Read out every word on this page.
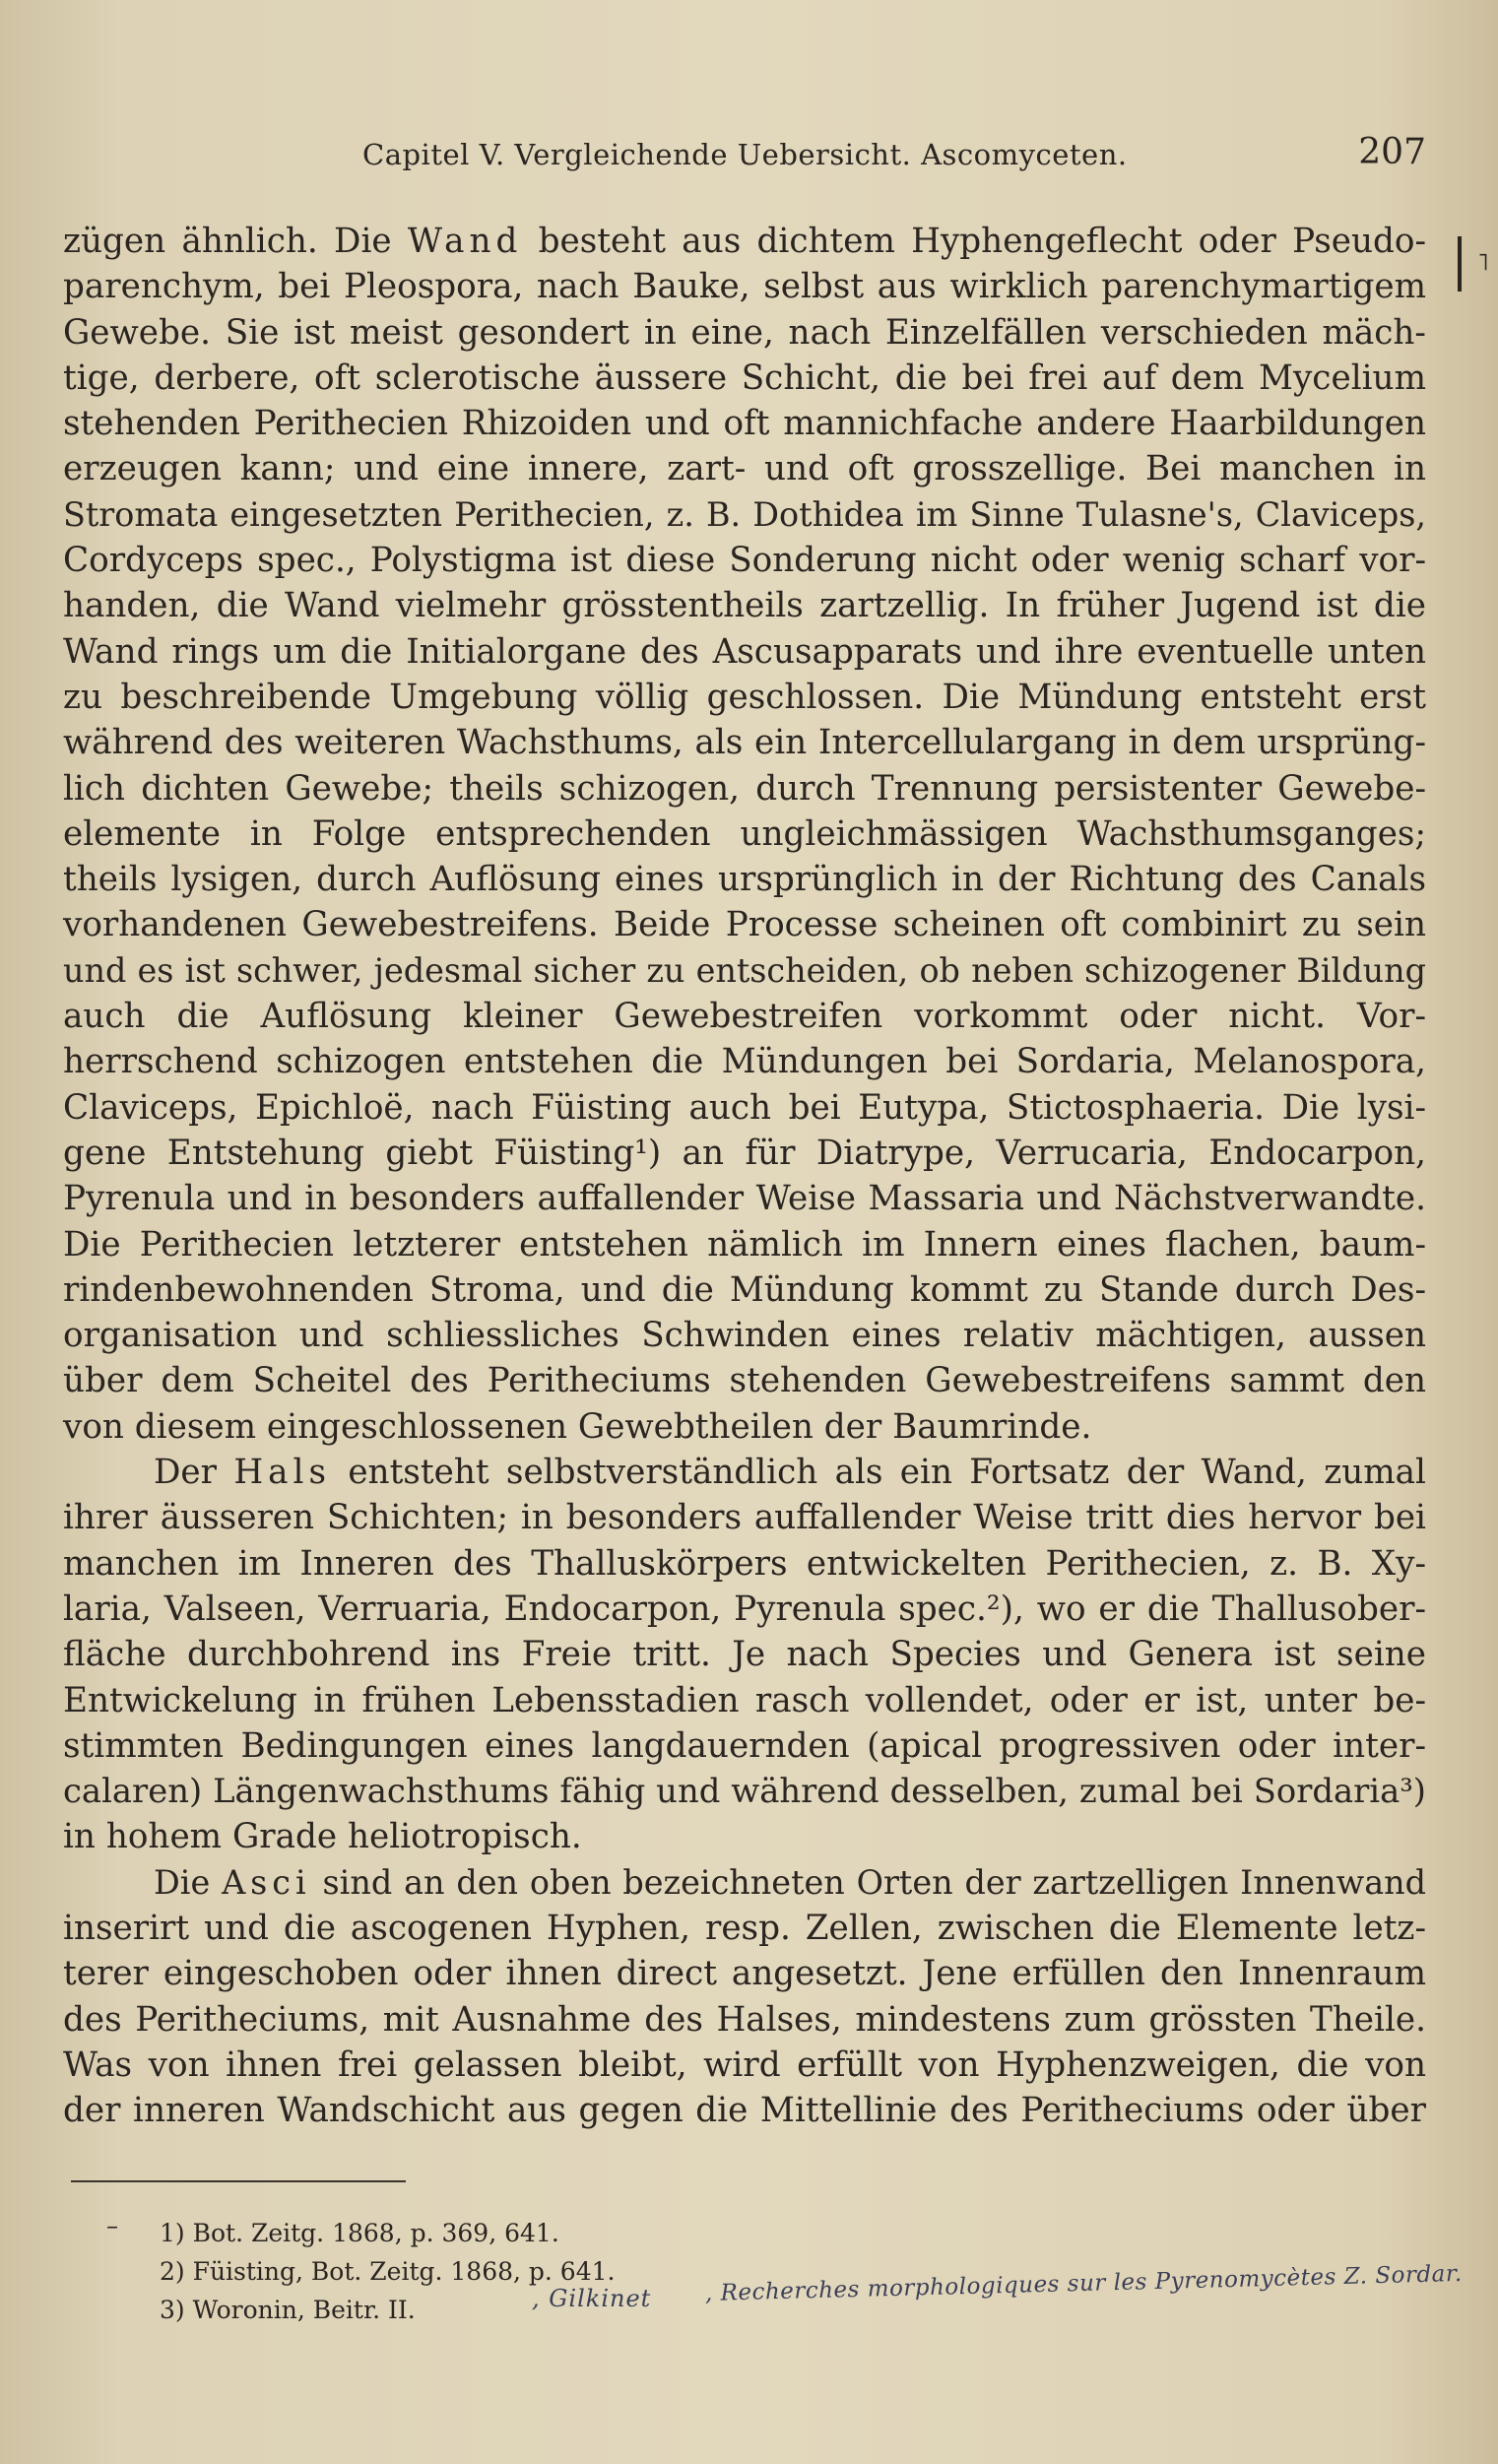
Capitel V. Vergleichende Uebersicht. Ascomyceten.	207
˥
zügen ähnlich. Die Wand besteht aus dichtem Hyphengeflecht oder Pseudo-
parenchym, bei Pleospora, nach Bauke, selbst aus wirklich parenchymartigem
Gewebe. Sie ist meist gesondert in eine, nach Einzelfällen verschieden mäch-
tige, derbere, oft sclerotische äussere Schicht, die bei frei auf dem Mycelium
stehenden Perithecien Rhizoiden und oft mannichfache andere Haarbildungen
erzeugen kann; und eine innere, zart- und oft grosszellige. Bei manchen in
Stromata eingesetzten Perithecien, z. B. Dothidea im Sinne Tulasne's, Claviceps,
Cordyceps spec., Polystigma ist diese Sonderung nicht oder wenig scharf vor-
handen, die Wand vielmehr grösstentheils zartzellig. In früher Jugend ist die
Wand rings um die Initialorgane des Ascusapparats und ihre eventuelle unten
zu beschreibende Umgebung völlig geschlossen. Die Mündung entsteht erst
während des weiteren Wachsthums, als ein Intercellulargang in dem ursprüng-
lich dichten Gewebe; theils schizogen, durch Trennung persistenter Gewebe-
elemente in Folge entsprechenden ungleichmässigen Wachsthumsganges;
theils lysigen, durch Auflösung eines ursprünglich in der Richtung des Canals
vorhandenen Gewebestreifens. Beide Processe scheinen oft combinirt zu sein
und es ist schwer, jedesmal sicher zu entscheiden, ob neben schizogener Bildung
auch die Auflösung kleiner Gewebestreifen vorkommt oder nicht. Vor-
herrschend schizogen entstehen die Mündungen bei Sordaria, Melanospora,
Claviceps, Epichloë, nach Füisting auch bei Eutypa, Stictosphaeria. Die lysi-
gene Entstehung giebt Füisting¹) an für Diatrype, Verrucaria, Endocarpon,
Pyrenula und in besonders auffallender Weise Massaria und Nächstverwandte.
Die Perithecien letzterer entstehen nämlich im Innern eines flachen, baum-
rindenbewohnenden Stroma, und die Mündung kommt zu Stande durch Des-
organisation und schliessliches Schwinden eines relativ mächtigen, aussen
über dem Scheitel des Peritheciums stehenden Gewebestreifens sammt den
von diesem eingeschlossenen Gewebtheilen der Baumrinde.
Der Hals entsteht selbstverständlich als ein Fortsatz der Wand, zumal
ihrer äusseren Schichten; in besonders auffallender Weise tritt dies hervor bei
manchen im Inneren des Thalluskörpers entwickelten Perithecien, z. B. Xy-
laria, Valseen, Verruaria, Endocarpon, Pyrenula spec.²), wo er die Thallusober-
fläche durchbohrend ins Freie tritt. Je nach Species und Genera ist seine
Entwickelung in frühen Lebensstadien rasch vollendet, oder er ist, unter be-
stimmten Bedingungen eines langdauernden (apical progressiven oder inter-
calaren) Längenwachsthums fähig und während desselben, zumal bei Sordaria³)
in hohem Grade heliotropisch.
Die Asci sind an den oben bezeichneten Orten der zartzelligen Innenwand
inserirt und die ascogenen Hyphen, resp. Zellen, zwischen die Elemente letz-
terer eingeschoben oder ihnen direct angesetzt. Jene erfüllen den Innenraum
des Peritheciums, mit Ausnahme des Halses, mindestens zum grössten Theile.
Was von ihnen frei gelassen bleibt, wird erfüllt von Hyphenzweigen, die von
der inneren Wandschicht aus gegen die Mittellinie des Peritheciums oder über
– 1) Bot. Zeitg. 1868, p. 369, 641.
2) Füisting, Bot. Zeitg. 1868, p. 641.
3) Woronin, Beitr. II.	, Gilkinet , Recherches morphologiques sur les Pyrenomycètes Z. Sordar.
